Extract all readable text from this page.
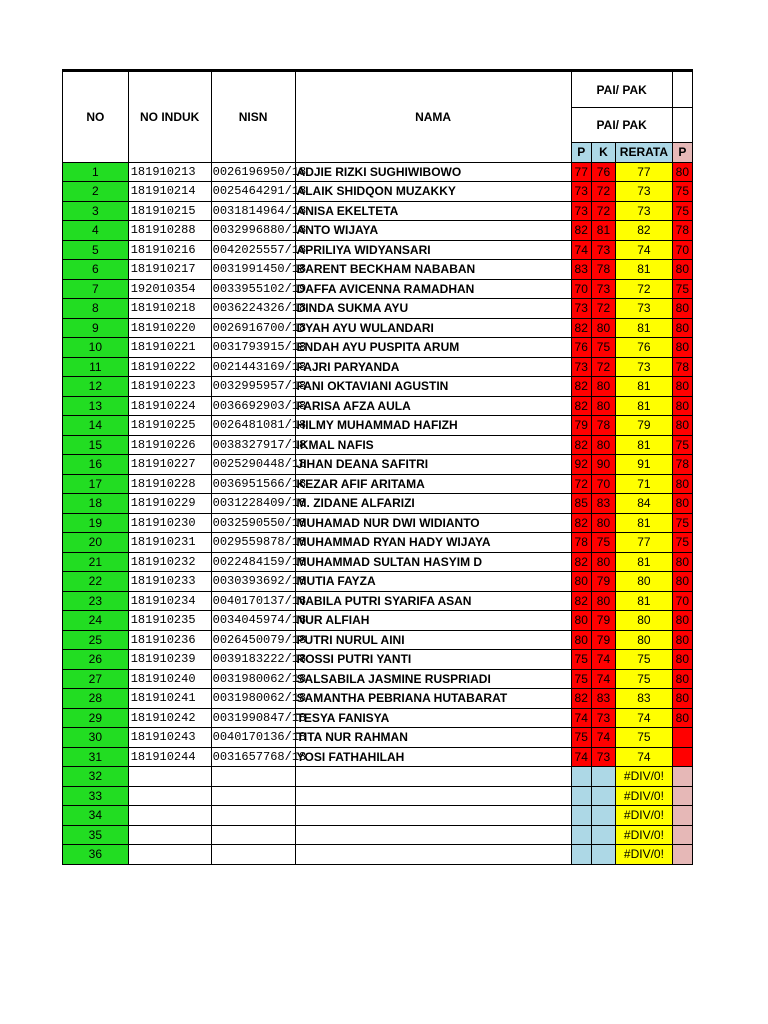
NO	NO INDUK	NISN	NAMA	PAI/ PAK			
				PAI/ PAK			
				P	K	RERATA	P
1	181910213	0026196950/18	ADJIE RIZKI SUGHIWIBOWO	77	76	77	80
2	181910214	0025464291/18	ALAIK SHIDQON MUZAKKY	73	72	73	75
3	181910215	0031814964/18	ANISA EKELTETA	73	72	73	75
4	181910288	0032996880/18	ANTO WIJAYA	82	81	82	78
5	181910216	0042025557/18	APRILIYA WIDYANSARI	74	73	74	70
6	181910217	0031991450/18	BARENT BECKHAM NABABAN	83	78	81	80
7	192010354	0033955102/19	DAFFA AVICENNA RAMADHAN	70	73	72	75
8	181910218	0036224326/18	DINDA SUKMA AYU	73	72	73	80
9	181910220	0026916700/18	DYAH AYU WULANDARI	82	80	81	80
10	181910221	0031793915/18	ENDAH AYU PUSPITA ARUM	76	75	76	80
11	181910222	0021443169/18	FAJRI PARYANDA	73	72	73	78
12	181910223	0032995957/18	FANI OKTAVIANI AGUSTIN	82	80	81	80
13	181910224	0036692903/18	FARISA AFZA AULA	82	80	81	80
14	181910225	0026481081/18	HILMY MUHAMMAD HAFIZH	79	78	79	80
15	181910226	0038327917/18	IKMAL NAFIS	82	80	81	75
16	181910227	0025290448/18	JIHAN DEANA SAFITRI	92	90	91	78
17	181910228	0036951566/18	KEZAR AFIF ARITAMA	72	70	71	80
18	181910229	0031228409/18	M. ZIDANE ALFARIZI	85	83	84	80
19	181910230	0032590550/18	MUHAMAD NUR DWI WIDIANTO	82	80	81	75
20	181910231	0029559878/18	MUHAMMAD RYAN HADY WIJAYA	78	75	77	75
21	181910232	0022484159/18	MUHAMMAD SULTAN HASYIM D	82	80	81	80
22	181910233	0030393692/18	MUTIA FAYZA	80	79	80	80
23	181910234	0040170137/18	NABILA PUTRI SYARIFA ASAN	82	80	81	70
24	181910235	0034045974/18	NUR ALFIAH	80	79	80	80
25	181910236	0026450079/18	PUTRI NURUL AINI	80	79	80	80
26	181910239	0039183222/18	ROSSI PUTRI YANTI	75	74	75	80
27	181910240	0031980062/18	SALSABILA JASMINE RUSPRIADI	75	74	75	80
28	181910241	0031980062/18	SAMANTHA PEBRIANA HUTABARAT	82	83	83	80
29	181910242	0031990847/18	TESYA FANISYA	74	73	74	80
30	181910243	0040170136/18	TITA NUR RAHMAN	75	74	75	
31	181910244	0031657768/18	YOSI FATHAHILAH	74	73	74	
32						#DIV/0!	
33						#DIV/0!	
34						#DIV/0!	
35						#DIV/0!	
36						#DIV/0!	
